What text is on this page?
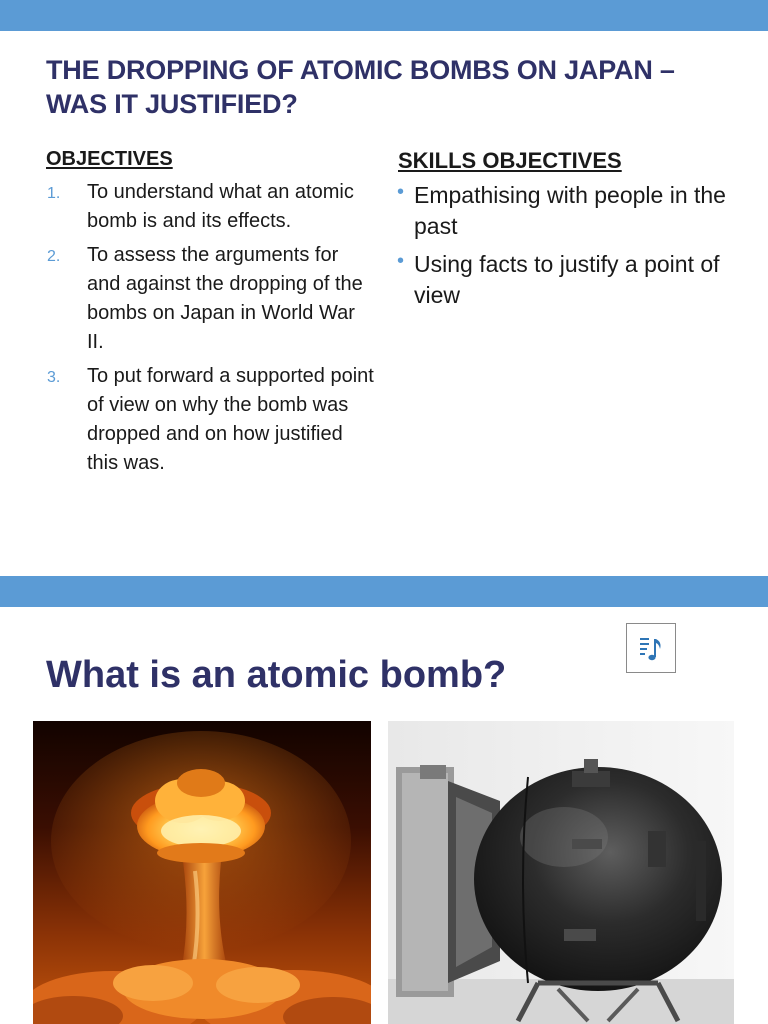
THE DROPPING OF ATOMIC BOMBS ON JAPAN – WAS IT JUSTIFIED?
OBJECTIVES
1. To understand what an atomic bomb is and its effects.
2. To assess the arguments for and against the dropping of the bombs on Japan in World War II.
3. To put forward a supported point of view on why the bomb was dropped and on how justified this was.
SKILLS OBJECTIVES
• Empathising with people in the past
• Using facts to justify a point of view
What is an atomic bomb?
